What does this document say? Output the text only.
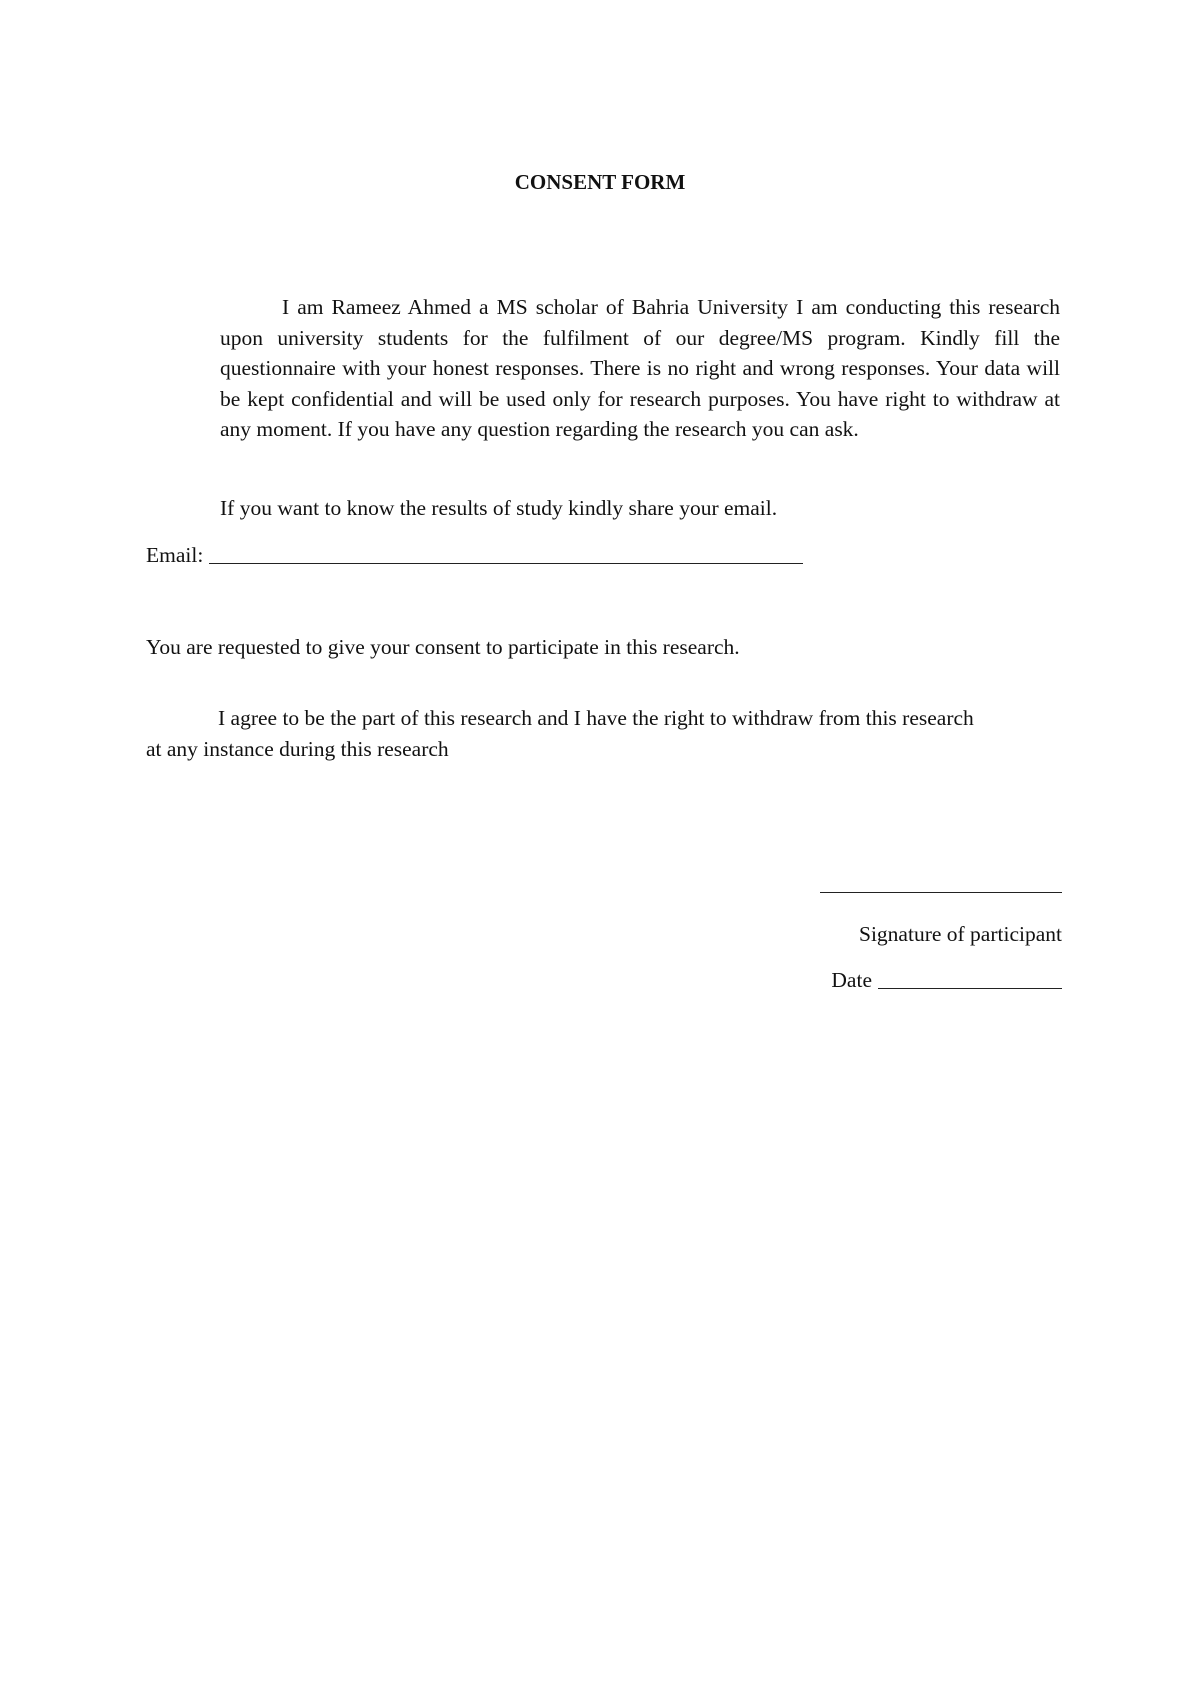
CONSENT FORM

I am Rameez Ahmed a MS scholar of Bahria University I am conducting this research upon university students for the fulfilment of our degree/MS program. Kindly fill the questionnaire with your honest responses. There is no right and wrong responses. Your data will be kept confidential and will be used only for research purposes. You have right to withdraw at any moment. If you have any question regarding the research you can ask.

If you want to know the results of study kindly share your email.

Email:

You are requested to give your consent to participate in this research.

I agree to be the part of this research and I have the right to withdraw from this research at any instance during this research

Signature of participant
Date
